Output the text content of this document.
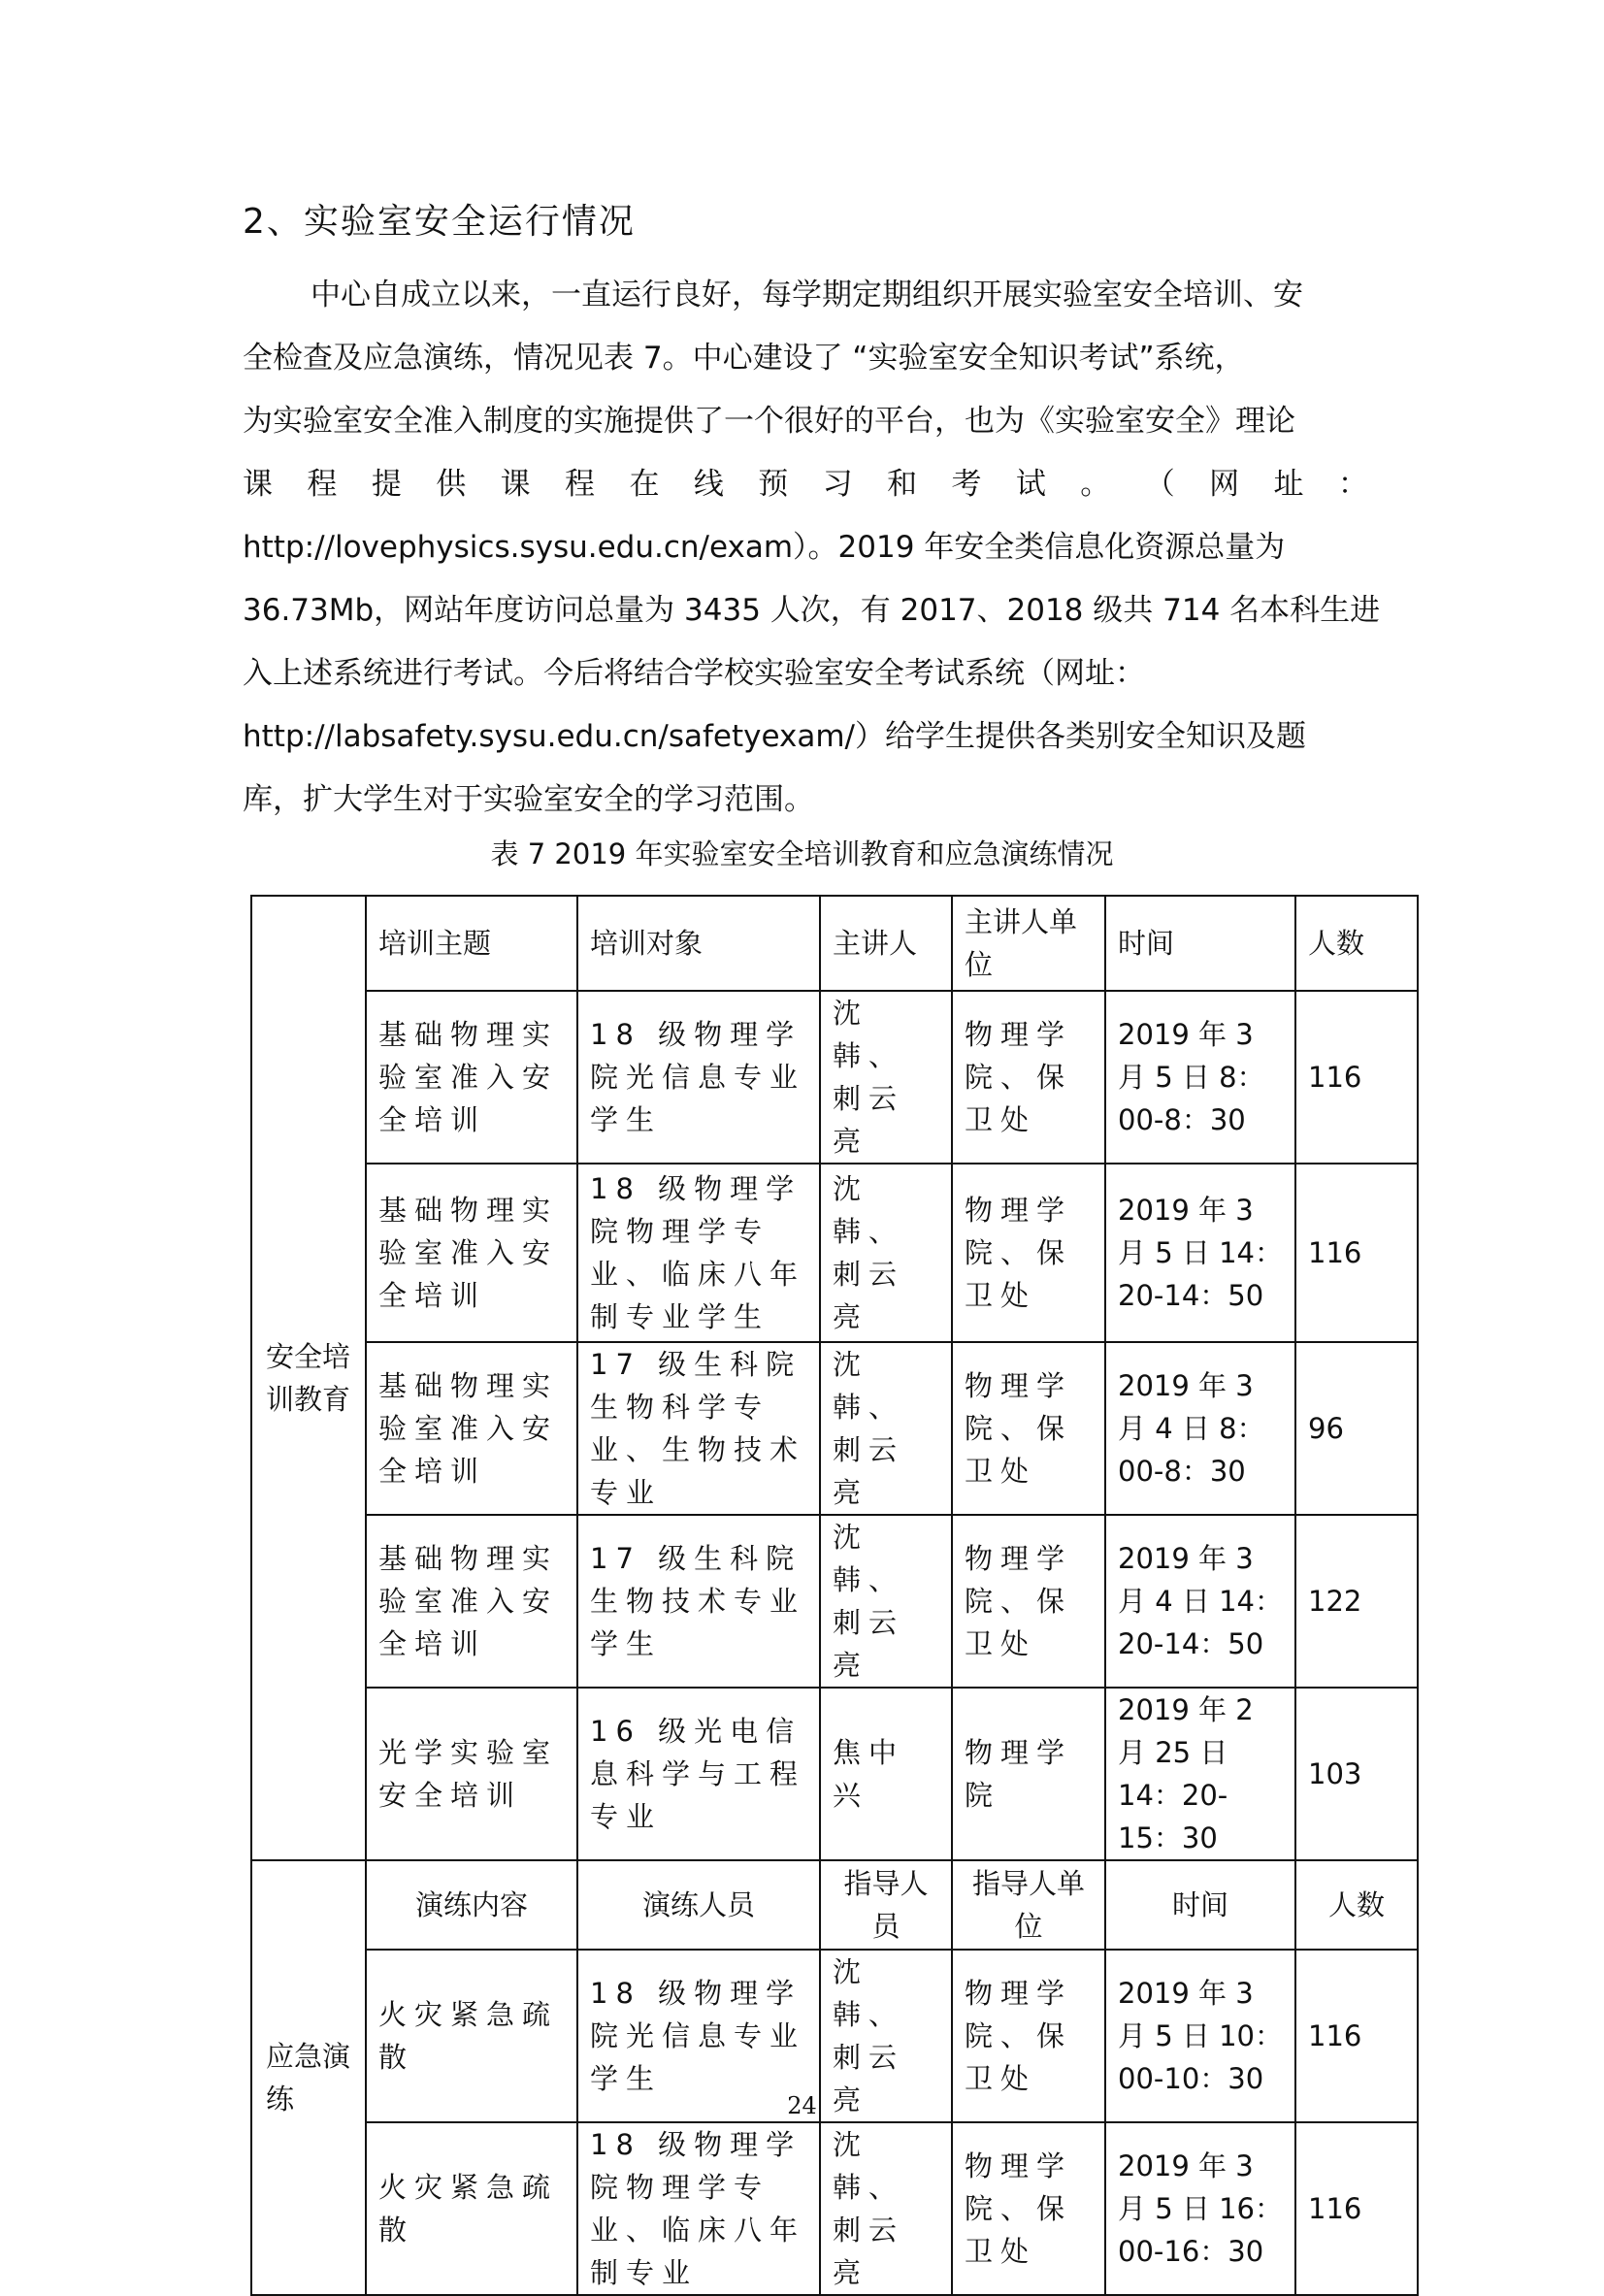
2、实验室安全运行情况
中心自成立以来，一直运行良好，每学期定期组织开展实验室安全培训、安
全检查及应急演练，情况见表 7。中心建设了 “实验室安全知识考试”系统，
为实验室安全准入制度的实施提供了一个很好的平台，也为《实验室安全》理论
课 程 提 供 课 程 在 线 预 习 和 考 试 。 （ 网 址 ：
http://lovephysics.sysu.edu.cn/exam）。2019 年安全类信息化资源总量为
36.73Mb，网站年度访问总量为 3435 人次，有 2017、2018 级共 714 名本科生进
入上述系统进行考试。今后将结合学校实验室安全考试系统（网址：
http://labsafety.sysu.edu.cn/safetyexam/）给学生提供各类别安全知识及题
库，扩大学生对于实验室安全的学习范围。
表 7 2019 年实验室安全培训教育和应急演练情况
安全培训教育	培训主题	培训对象	主讲人	主讲人单位	时间	人数
	基础物理实验室准入安全培训	18 级物理学院光信息专业学生	沈韩、刺云亮	物理学院、保卫处	2019 年 3 月 5 日 8：00-8：30	116
	基础物理实验室准入安全培训	18 级物理学院物理学专业、临床八年制专业学生	沈韩、刺云亮	物理学院、保卫处	2019 年 3 月 5 日 14：20-14：50	116
	基础物理实验室准入安全培训	17 级生科院生物科学专业、生物技术专业	沈韩、刺云亮	物理学院、保卫处	2019 年 3 月 4 日 8：00-8：30	96
	基础物理实验室准入安全培训	17 级生科院生物技术专业学生	沈韩、刺云亮	物理学院、保卫处	2019 年 3 月 4 日 14：20-14：50	122
	光学实验室安全培训	16 级光电信息科学与工程专业	焦中兴	物理学院	2019 年 2 月 25 日 14：20-15：30	103
应急演练	演练内容	演练人员	指导人员	指导人单位	时间	人数
	火灾紧急疏散	18 级物理学院光信息专业学生	沈韩、刺云亮	物理学院、保卫处	2019 年 3 月 5 日 10：00-10：30	116
	火灾紧急疏散	18 级物理学院物理学专业、临床八年制专业	沈韩、刺云亮	物理学院、保卫处	2019 年 3 月 5 日 16：00-16：30	116
24
